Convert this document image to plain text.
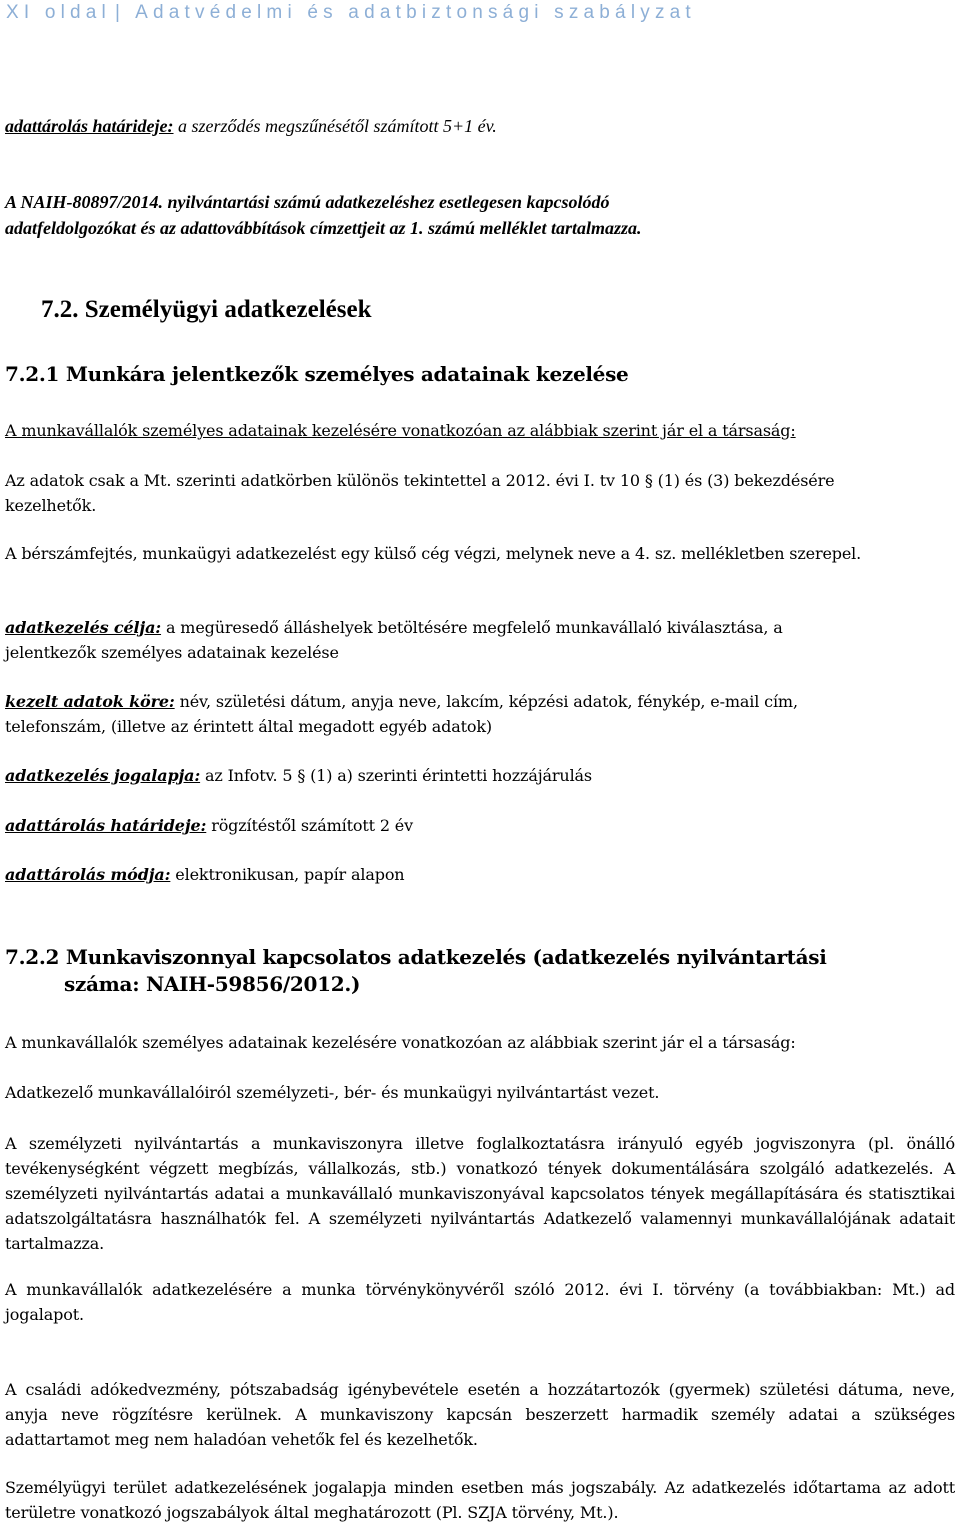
XI oldal | Adatvédelmi és adatbiztonsági szabályzat
adattárolás határideje: a szerződés megszűnésétől számított 5+1 év.
A NAIH-80897/2014. nyilvántartási számú adatkezeléshez esetlegesen kapcsolódó
adatfeldolgozókat és az adattovábbítások címzettjeit az 1. számú melléklet tartalmazza.
7.2. Személyügyi adatkezelések
7.2.1 Munkára jelentkezők személyes adatainak kezelése
A munkavállalók személyes adatainak kezelésére vonatkozóan az alábbiak szerint jár el a társaság:
Az adatok csak a Mt. szerinti adatkörben különös tekintettel a 2012. évi I. tv 10 § (1) és (3) bekezdésére
kezelhetők.
A bérszámfejtés, munkaügyi adatkezelést egy külső cég végzi, melynek neve a 4. sz. mellékletben szerepel.
adatkezelés célja: a megüresedő álláshelyek betöltésére megfelelő munkavállaló kiválasztása, a
jelentkezők személyes adatainak kezelése
kezelt adatok köre: név, születési dátum, anyja neve, lakcím, képzési adatok, fénykép, e-mail cím,
telefonszám, (illetve az érintett által megadott egyéb adatok)
adatkezelés jogalapja: az Infotv. 5 § (1) a) szerinti érintetti hozzájárulás
adattárolás határideje: rögzítéstől számított 2 év
adattárolás módja: elektronikusan, papír alapon
7.2.2 Munkaviszonnyal kapcsolatos adatkezelés (adatkezelés nyilvántartási
száma: NAIH-59856/2012.)
A munkavállalók személyes adatainak kezelésére vonatkozóan az alábbiak szerint jár el a társaság:
Adatkezelő munkavállalóiról személyzeti-, bér- és munkaügyi nyilvántartást vezet.
A személyzeti nyilvántartás a munkaviszonyra illetve foglalkoztatásra irányuló egyéb jogviszonyra (pl. önálló tevékenységként végzett megbízás, vállalkozás, stb.) vonatkozó tények dokumentálására szolgáló adatkezelés. A személyzeti nyilvántartás adatai a munkavállaló munkaviszonyával kapcsolatos tények megállapítására és statisztikai adatszolgáltatásra használhatók fel. A személyzeti nyilvántartás Adatkezelő valamennyi munkavállalójának adatait tartalmazza.
A munkavállalók adatkezelésére a munka törvénykönyvéről szóló 2012. évi I. törvény (a továbbiakban: Mt.) ad jogalapot.
A családi adókedvezmény, pótszabadság igénybevétele esetén a hozzátartozók (gyermek) születési dátuma, neve, anyja neve rögzítésre kerülnek. A munkaviszony kapcsán beszerzett harmadik személy adatai a szükséges adattartamot meg nem haladóan vehetők fel és kezelhetők.
Személyügyi terület adatkezelésének jogalapja minden esetben más jogszabály. Az adatkezelés időtartama az adott területre vonatkozó jogszabályok által meghatározott (Pl. SZJA törvény, Mt.).
